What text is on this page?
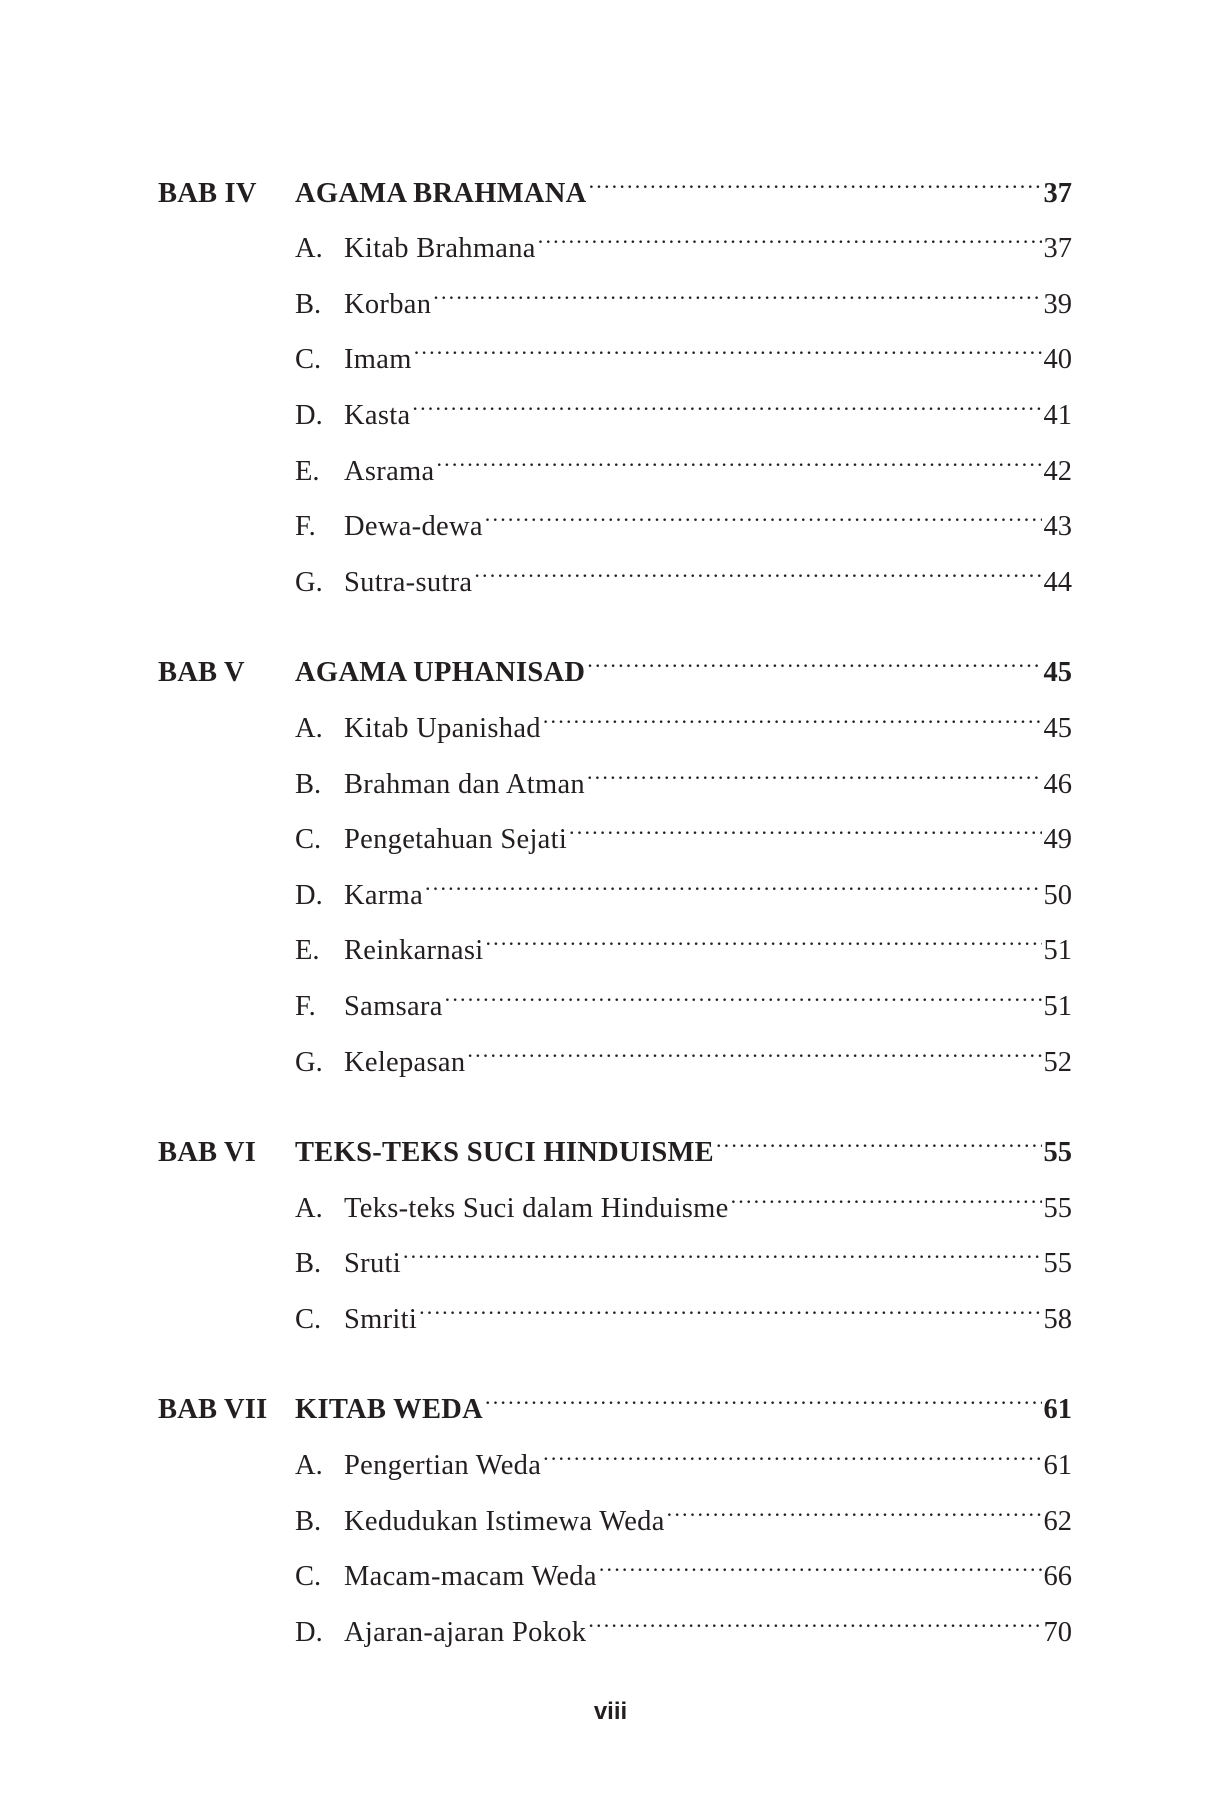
BAB IV	AGAMA BRAHMANA .....	37
A. Kitab Brahmana .....	37
B. Korban .....	39
C. Imam .....	40
D. Kasta .....	41
E. Asrama .....	42
F. Dewa-dewa .....	43
G. Sutra-sutra .....	44
BAB V	AGAMA UPHANISAD .....	45
A. Kitab Upanishad .....	45
B. Brahman dan Atman .....	46
C. Pengetahuan Sejati .....	49
D. Karma .....	50
E. Reinkarnasi .....	51
F. Samsara .....	51
G. Kelepasan .....	52
BAB VI	TEKS-TEKS SUCI HINDUISME .....	55
A. Teks-teks Suci dalam Hinduisme .....	55
B. Sruti .....	55
C. Smriti .....	58
BAB VII KITAB WEDA .....	61
A. Pengertian Weda .....	61
B. Kedudukan Istimewa Weda .....	62
C. Macam-macam Weda .....	66
D. Ajaran-ajaran Pokok .....	70
viii
